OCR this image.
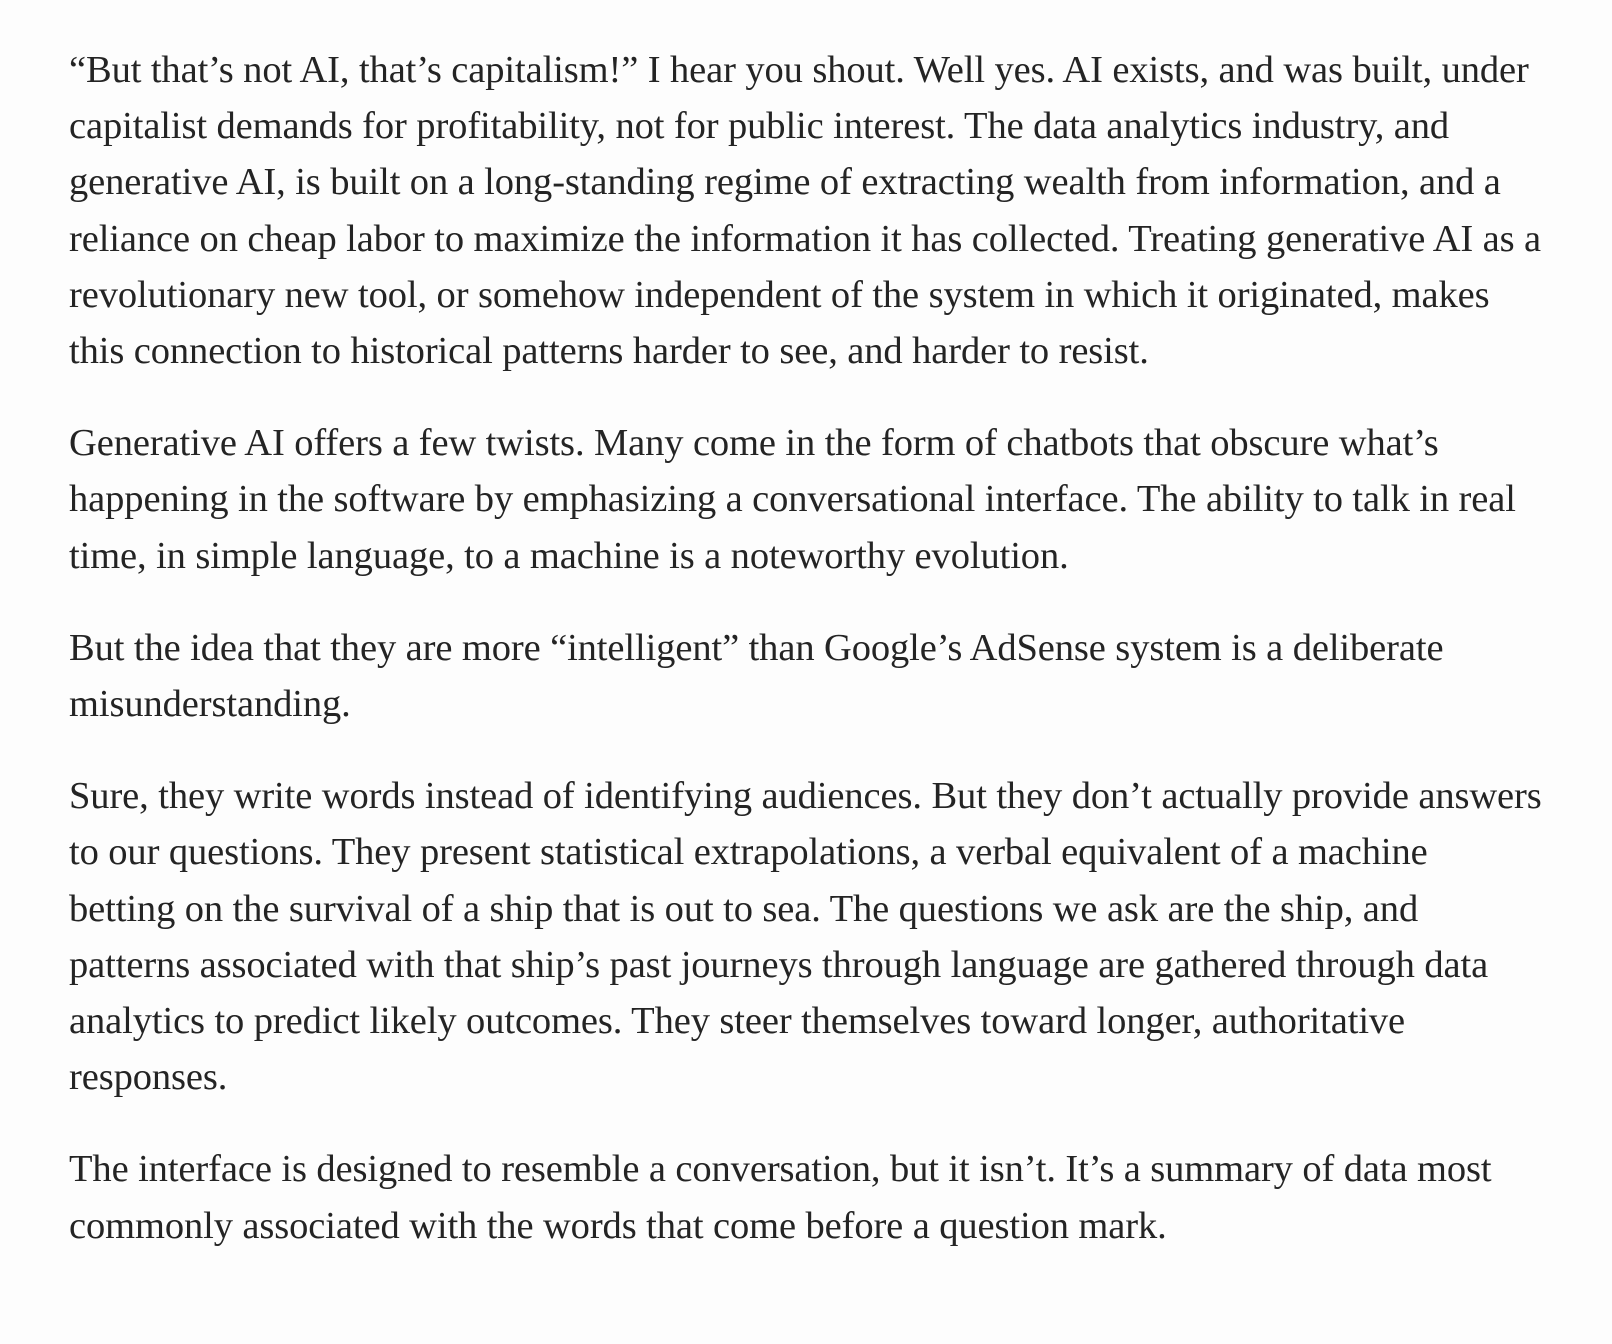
“But that’s not AI, that’s capitalism!” I hear you shout. Well yes. AI exists, and was built, under capitalist demands for profitability, not for public interest. The data analytics industry, and generative AI, is built on a long-standing regime of extracting wealth from information, and a reliance on cheap labor to maximize the information it has collected. Treating generative AI as a revolutionary new tool, or somehow independent of the system in which it originated, makes this connection to historical patterns harder to see, and harder to resist.

Generative AI offers a few twists. Many come in the form of chatbots that obscure what’s happening in the software by emphasizing a conversational interface. The ability to talk in real time, in simple language, to a machine is a noteworthy evolution.

But the idea that they are more “intelligent” than Google’s AdSense system is a deliberate misunderstanding.

Sure, they write words instead of identifying audiences. But they don’t actually provide answers to our questions. They present statistical extrapolations, a verbal equivalent of a machine betting on the survival of a ship that is out to sea. The questions we ask are the ship, and patterns associated with that ship’s past journeys through language are gathered through data analytics to predict likely outcomes. They steer themselves toward longer, authoritative responses.

The interface is designed to resemble a conversation, but it isn’t. It’s a summary of data most commonly associated with the words that come before a question mark.
